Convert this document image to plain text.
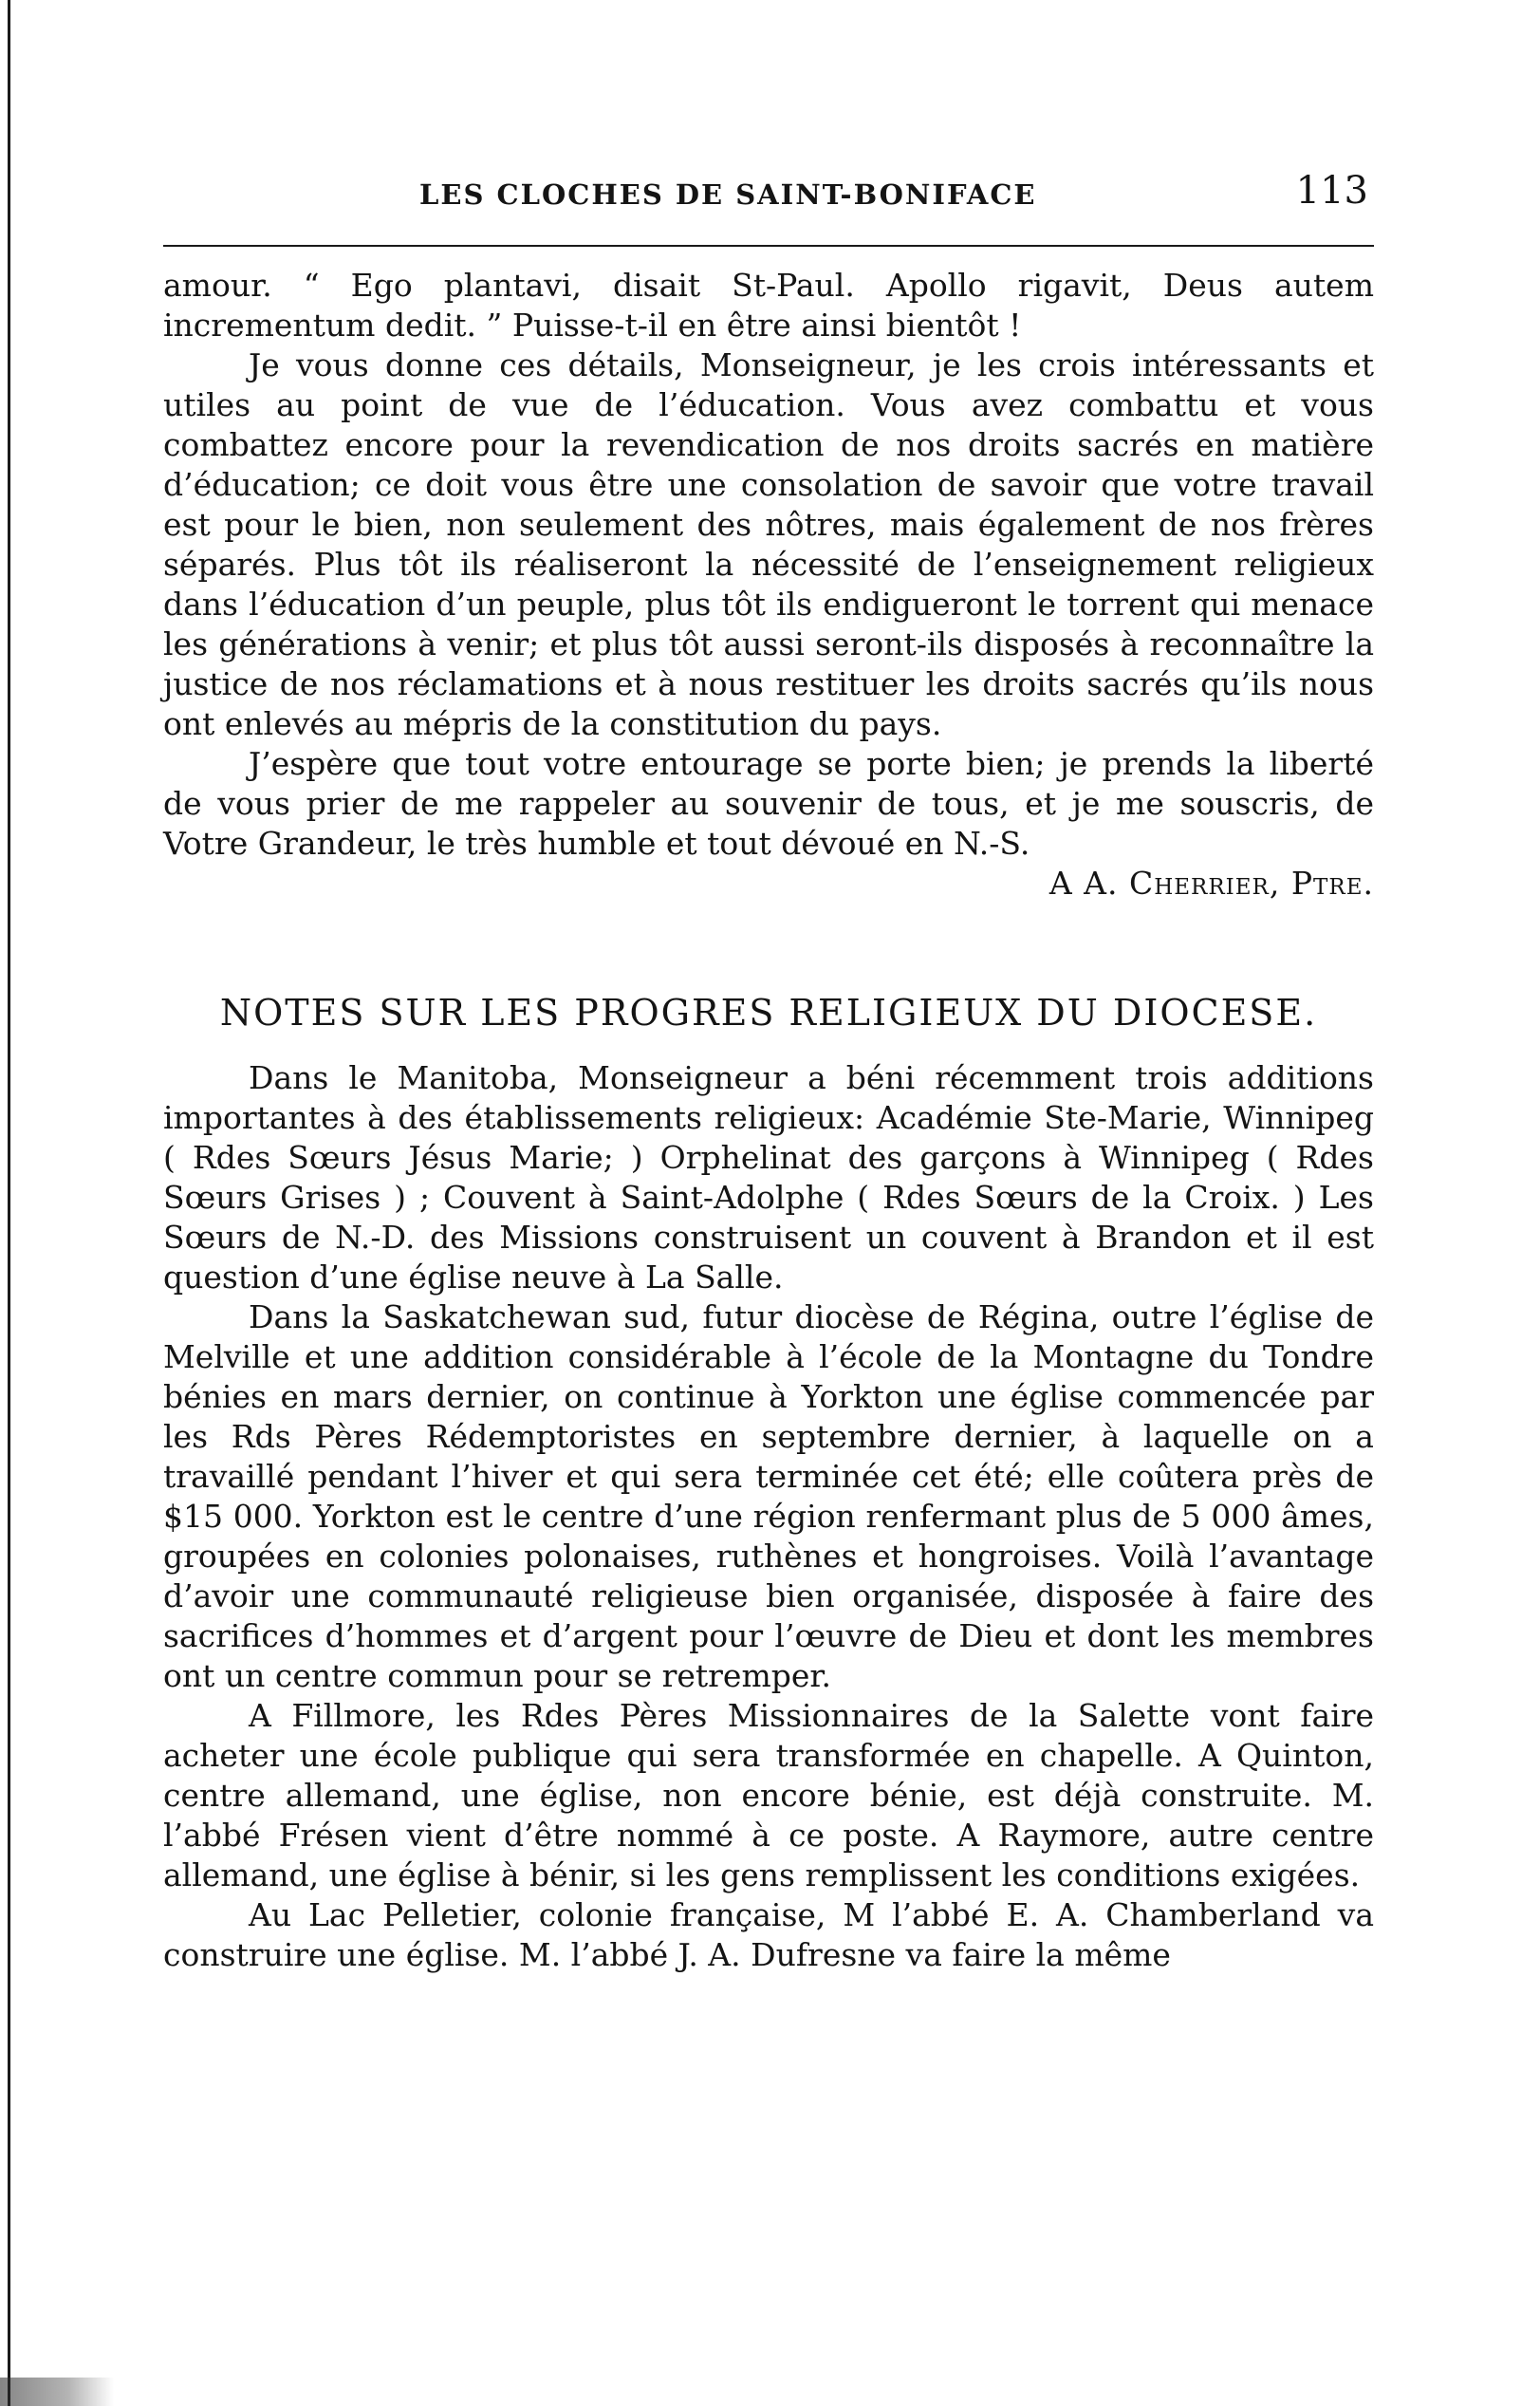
LES CLOCHES DE SAINT-BONIFACE	113

amour. “ Ego plantavi, disait St-Paul. Apollo rigavit, Deus autem incrementum dedit. ” Puisse-t-il en être ainsi bientôt !

Je vous donne ces détails, Monseigneur, je les crois intéressants et utiles au point de vue de l’éducation. Vous avez combattu et vous combattez encore pour la revendication de nos droits sacrés en matière d’éducation; ce doit vous être une consolation de savoir que votre travail est pour le bien, non seulement des nôtres, mais également de nos frères séparés. Plus tôt ils réaliseront la nécessité de l’enseignement religieux dans l’éducation d’un peuple, plus tôt ils endigueront le torrent qui menace les générations à venir; et plus tôt aussi seront-ils disposés à reconnaître la justice de nos réclamations et à nous restituer les droits sacrés qu’ils nous ont enlevés au mépris de la constitution du pays.

J’espère que tout votre entourage se porte bien; je prends la liberté de vous prier de me rappeler au souvenir de tous, et je me souscris, de Votre Grandeur, le très humble et tout dévoué en N.-S.

A A. Cherrier, Ptre.
NOTES SUR LES PROGRES RELIGIEUX DU DIOCESE.

Dans le Manitoba, Monseigneur a béni récemment trois additions importantes à des établissements religieux: Académie Ste-Marie, Winnipeg ( Rdes Sœurs Jésus Marie; ) Orphelinat des garçons à Winnipeg ( Rdes Sœurs Grises ) ; Couvent à Saint-Adolphe ( Rdes Sœurs de la Croix. ) Les Sœurs de N.-D. des Missions construisent un couvent à Brandon et il est question d’une église neuve à La Salle.

Dans la Saskatchewan sud, futur diocèse de Régina, outre l’église de Melville et une addition considérable à l’école de la Montagne du Tondre bénies en mars dernier, on continue à Yorkton une église commencée par les Rds Pères Rédemptoristes en septembre dernier, à laquelle on a travaillé pendant l’hiver et qui sera terminée cet été; elle coûtera près de $15 000. Yorkton est le centre d’une région renfermant plus de 5 000 âmes, groupées en colonies polonaises, ruthènes et hongroises. Voilà l’avantage d’avoir une communauté religieuse bien organisée, disposée à faire des sacrifices d’hommes et d’argent pour l’œuvre de Dieu et dont les membres ont un centre commun pour se retremper.

A Fillmore, les Rdes Pères Missionnaires de la Salette vont faire acheter une école publique qui sera transformée en chapelle. A Quinton, centre allemand, une église, non encore bénie, est déjà construite. M. l’abbé Frésen vient d’être nommé à ce poste. A Raymore, autre centre allemand, une église à bénir, si les gens remplissent les conditions exigées.

Au Lac Pelletier, colonie française, M l’abbé E. A. Chamberland va construire une église. M. l’abbé J. A. Dufresne va faire la même
